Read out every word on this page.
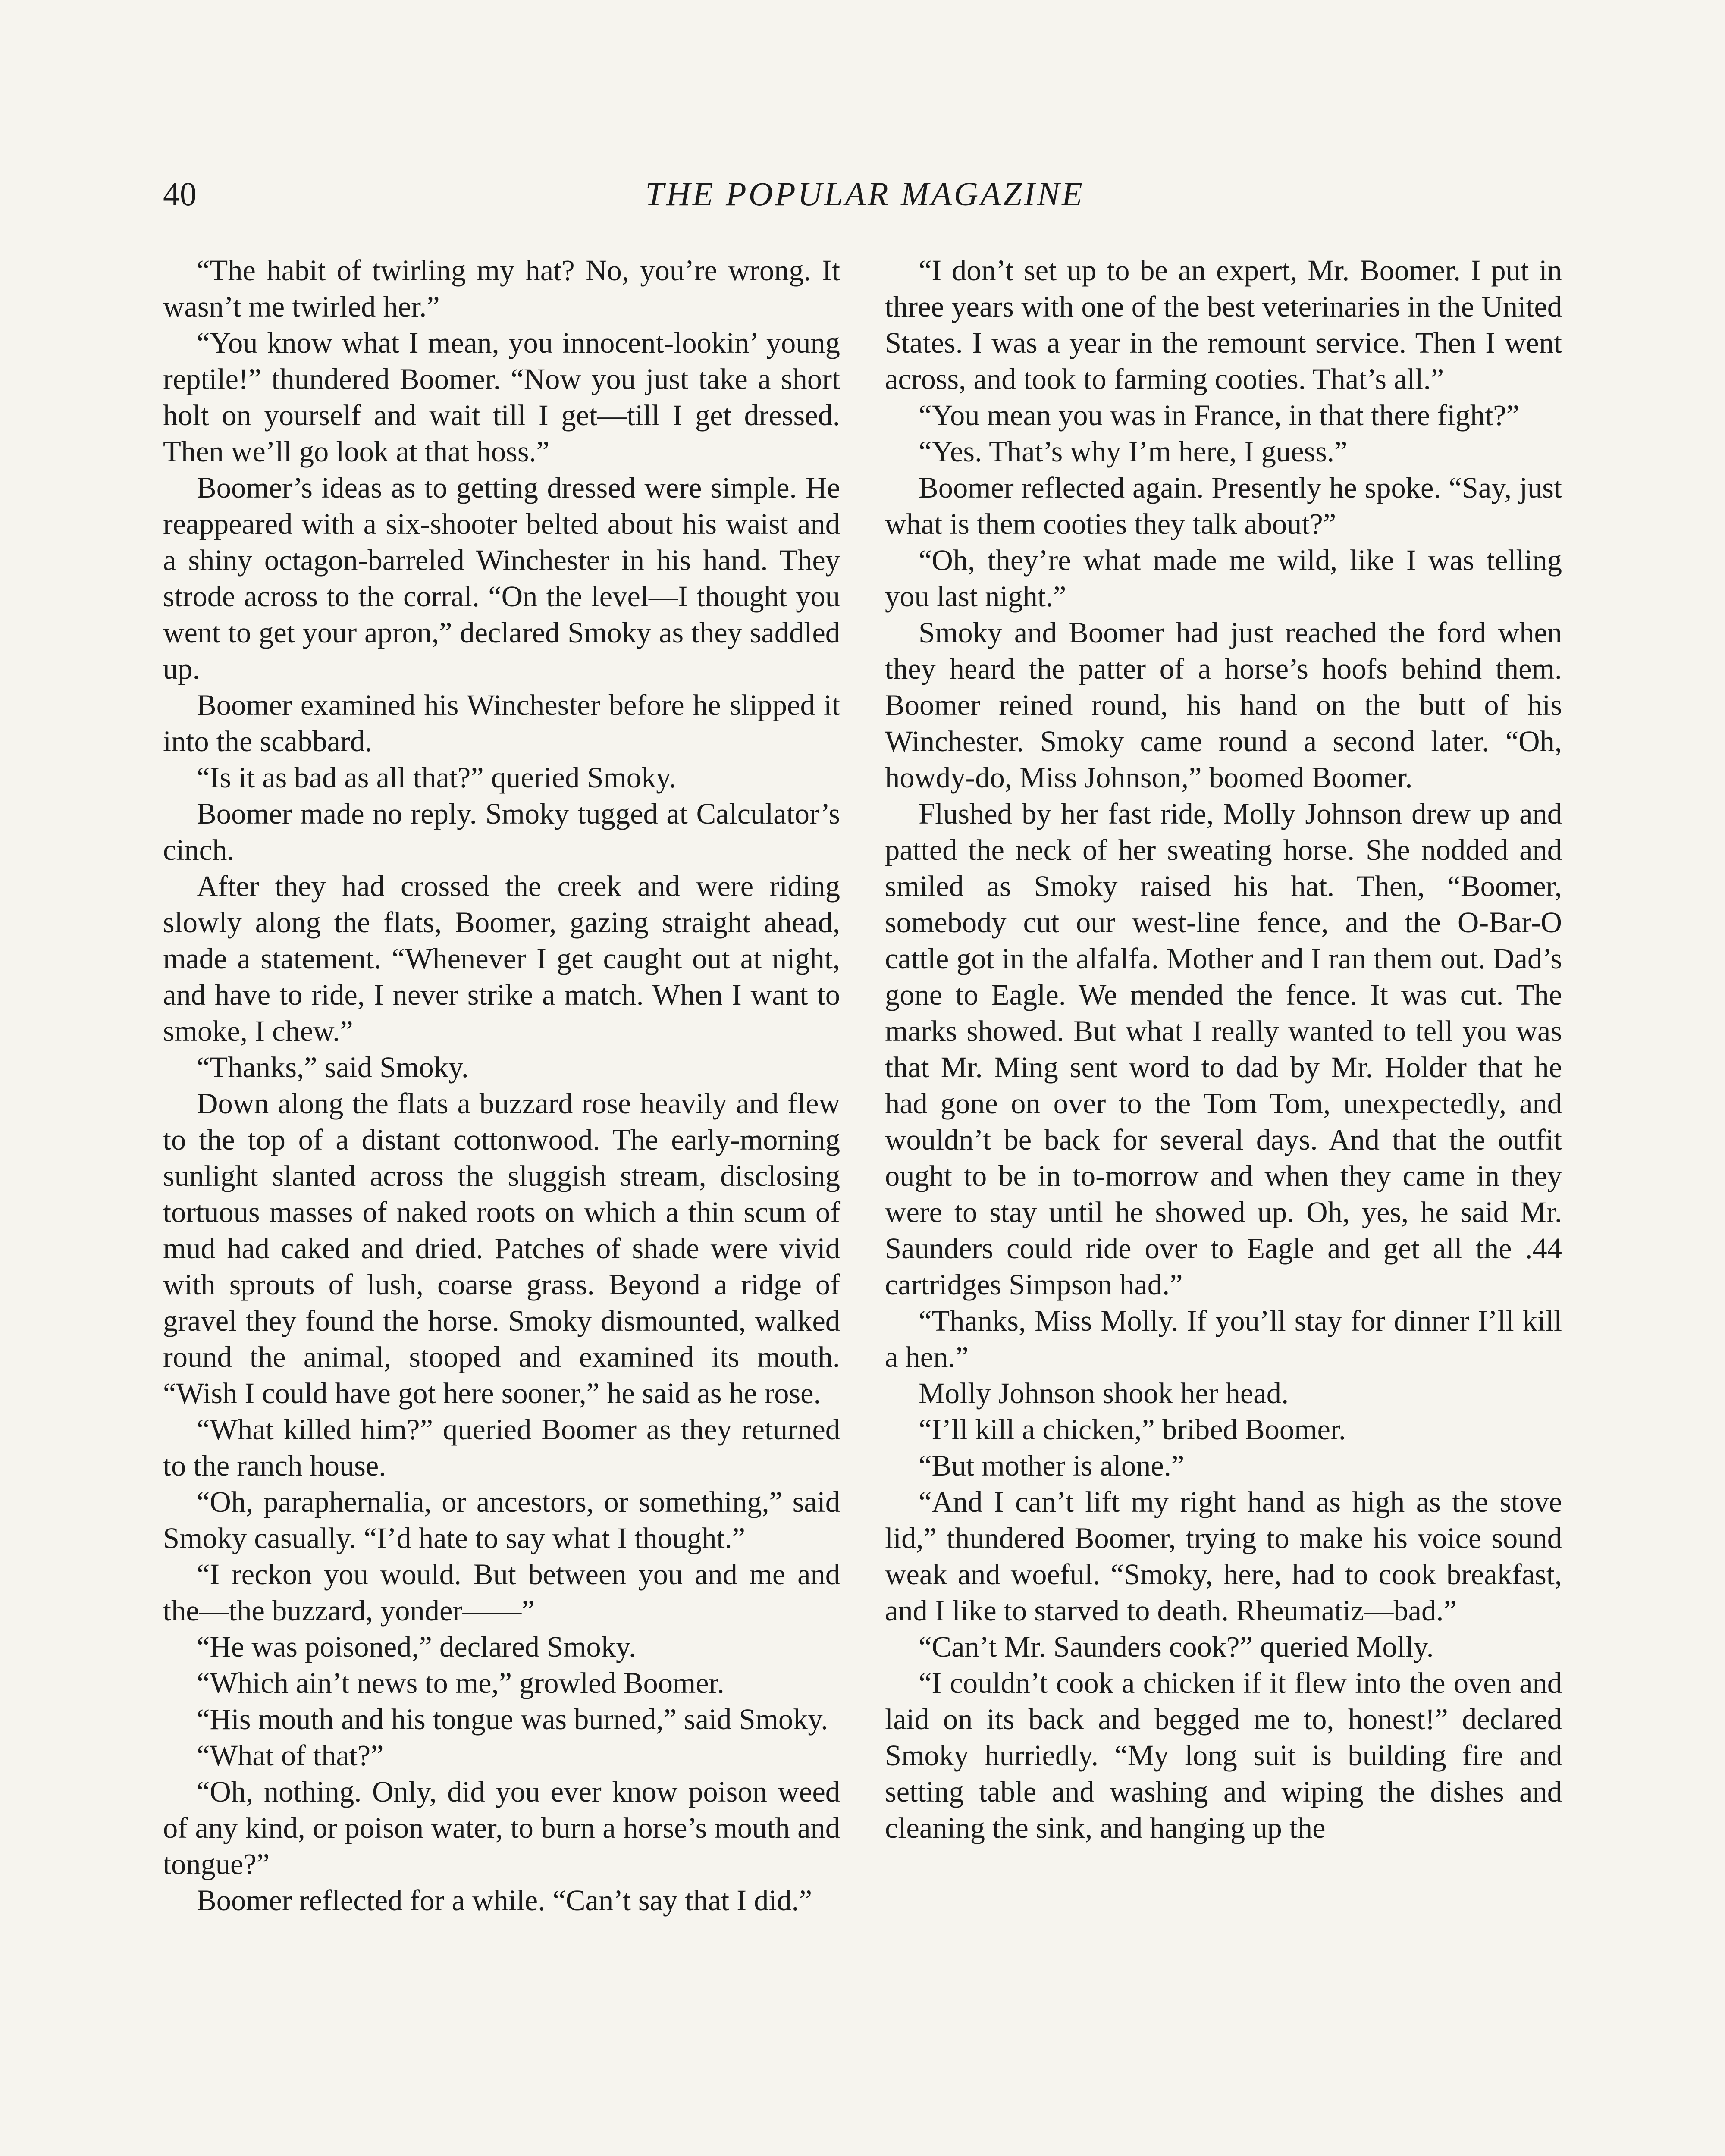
40	THE POPULAR MAGAZINE

“The habit of twirling my hat? No, you’re wrong. It wasn’t me twirled her.”

“You know what I mean, you innocent-lookin’ young reptile!” thundered Boomer. “Now you just take a short holt on yourself and wait till I get—till I get dressed. Then we’ll go look at that hoss.”

Boomer’s ideas as to getting dressed were simple. He reappeared with a six-shooter belted about his waist and a shiny octagon-barreled Winchester in his hand. They strode across to the corral. “On the level—I thought you went to get your apron,” declared Smoky as they saddled up.

Boomer examined his Winchester before he slipped it into the scabbard.

“Is it as bad as all that?” queried Smoky.

Boomer made no reply. Smoky tugged at Calculator’s cinch.

After they had crossed the creek and were riding slowly along the flats, Boomer, gazing straight ahead, made a statement. “Whenever I get caught out at night, and have to ride, I never strike a match. When I want to smoke, I chew.”

“Thanks,” said Smoky.

Down along the flats a buzzard rose heavily and flew to the top of a distant cottonwood. The early-morning sunlight slanted across the sluggish stream, disclosing tortuous masses of naked roots on which a thin scum of mud had caked and dried. Patches of shade were vivid with sprouts of lush, coarse grass. Beyond a ridge of gravel they found the horse. Smoky dismounted, walked round the animal, stooped and examined its mouth. “Wish I could have got here sooner,” he said as he rose.

“What killed him?” queried Boomer as they returned to the ranch house.

“Oh, paraphernalia, or ancestors, or something,” said Smoky casually. “I’d hate to say what I thought.”

“I reckon you would. But between you and me and the—the buzzard, yonder——”

“He was poisoned,” declared Smoky.

“Which ain’t news to me,” growled Boomer.

“His mouth and his tongue was burned,” said Smoky.

“What of that?”

“Oh, nothing. Only, did you ever know poison weed of any kind, or poison water, to burn a horse’s mouth and tongue?”

Boomer reflected for a while. “Can’t say that I did.”

“I don’t set up to be an expert, Mr. Boomer. I put in three years with one of the best veterinaries in the United States. I was a year in the remount service. Then I went across, and took to farming cooties. That’s all.”

“You mean you was in France, in that there fight?”

“Yes. That’s why I’m here, I guess.”

Boomer reflected again. Presently he spoke. “Say, just what is them cooties they talk about?”

“Oh, they’re what made me wild, like I was telling you last night.”

Smoky and Boomer had just reached the ford when they heard the patter of a horse’s hoofs behind them. Boomer reined round, his hand on the butt of his Winchester. Smoky came round a second later. “Oh, howdy-do, Miss Johnson,” boomed Boomer.

Flushed by her fast ride, Molly Johnson drew up and patted the neck of her sweating horse. She nodded and smiled as Smoky raised his hat. Then, “Boomer, somebody cut our west-line fence, and the O-Bar-O cattle got in the alfalfa. Mother and I ran them out. Dad’s gone to Eagle. We mended the fence. It was cut. The marks showed. But what I really wanted to tell you was that Mr. Ming sent word to dad by Mr. Holder that he had gone on over to the Tom Tom, unexpectedly, and wouldn’t be back for several days. And that the outfit ought to be in to-morrow and when they came in they were to stay until he showed up. Oh, yes, he said Mr. Saunders could ride over to Eagle and get all the .44 cartridges Simpson had.”

“Thanks, Miss Molly. If you’ll stay for dinner I’ll kill a hen.”

Molly Johnson shook her head.

“I’ll kill a chicken,” bribed Boomer.

“But mother is alone.”

“And I can’t lift my right hand as high as the stove lid,” thundered Boomer, trying to make his voice sound weak and woeful. “Smoky, here, had to cook breakfast, and I like to starved to death. Rheumatiz—bad.”

“Can’t Mr. Saunders cook?” queried Molly.

“I couldn’t cook a chicken if it flew into the oven and laid on its back and begged me to, honest!” declared Smoky hurriedly. “My long suit is building fire and setting table and washing and wiping the dishes and cleaning the sink, and hanging up the
